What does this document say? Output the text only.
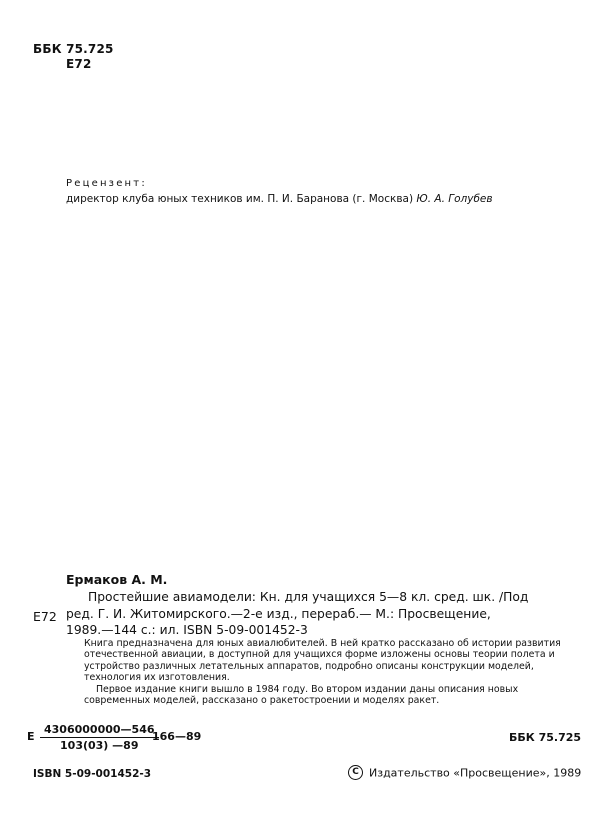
ББК 75.725
Е72
Рецензент:
директор клуба юных техников им. П. И. Баранова (г. Москва) Ю. А. Голубев
Ермаков А. М.
Е72
Простейшие авиамодели: Кн. для учащихся 5—8 кл. сред. шк. /Под
ред. Г. И. Житомирского.—2-е изд., перераб.— М.: Просвещение,
1989.—144 с.: ил. ISBN 5-09-001452-3

Книга предназначена для юных авиалюбителей. В ней кратко рассказано об истории развития отечественной авиации, в доступной для учащихся форме изложены основы теории полета и устройство различных летательных аппаратов, подробно описаны конструкции моделей, технология их изготовления.

Первое издание книги вышло в 1984 году. Во втором издании даны описания новых современных моделей, рассказано о ракетостроении и моделях ракет.

Е $\frac{4306000000—546}{103(03) —89}$
166—89	ББК 75.725
ISBN 5-09-001452-3	C Издательство «Просвещение», 1989
